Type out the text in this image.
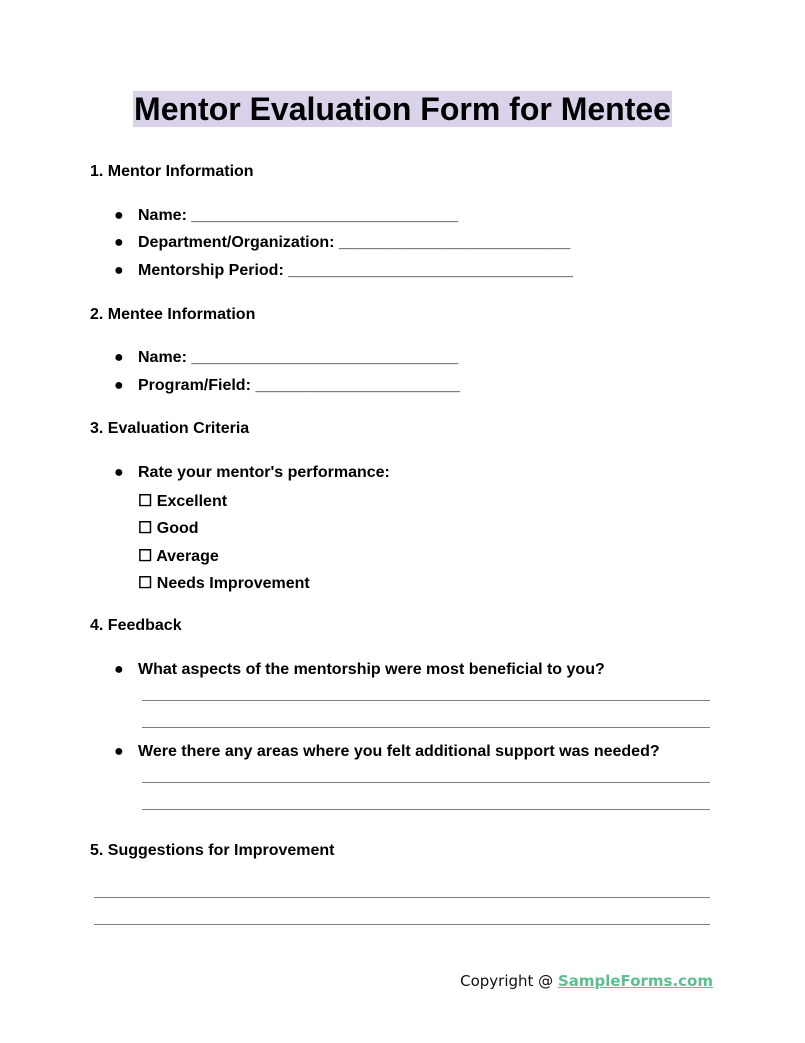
Mentor Evaluation Form for Mentee
1. Mentor Information
● Name: ______________________________
● Department/Organization: __________________________
● Mentorship Period: ________________________________
2. Mentee Information
● Name: ______________________________
● Program/Field: _______________________
3. Evaluation Criteria
● Rate your mentor's performance:
☐ Excellent
☐ Good
☐ Average
☐ Needs Improvement
4. Feedback
● What aspects of the mentorship were most beneficial to you?
● Were there any areas where you felt additional support was needed?
5. Suggestions for Improvement
Copyright @ SampleForms.com
